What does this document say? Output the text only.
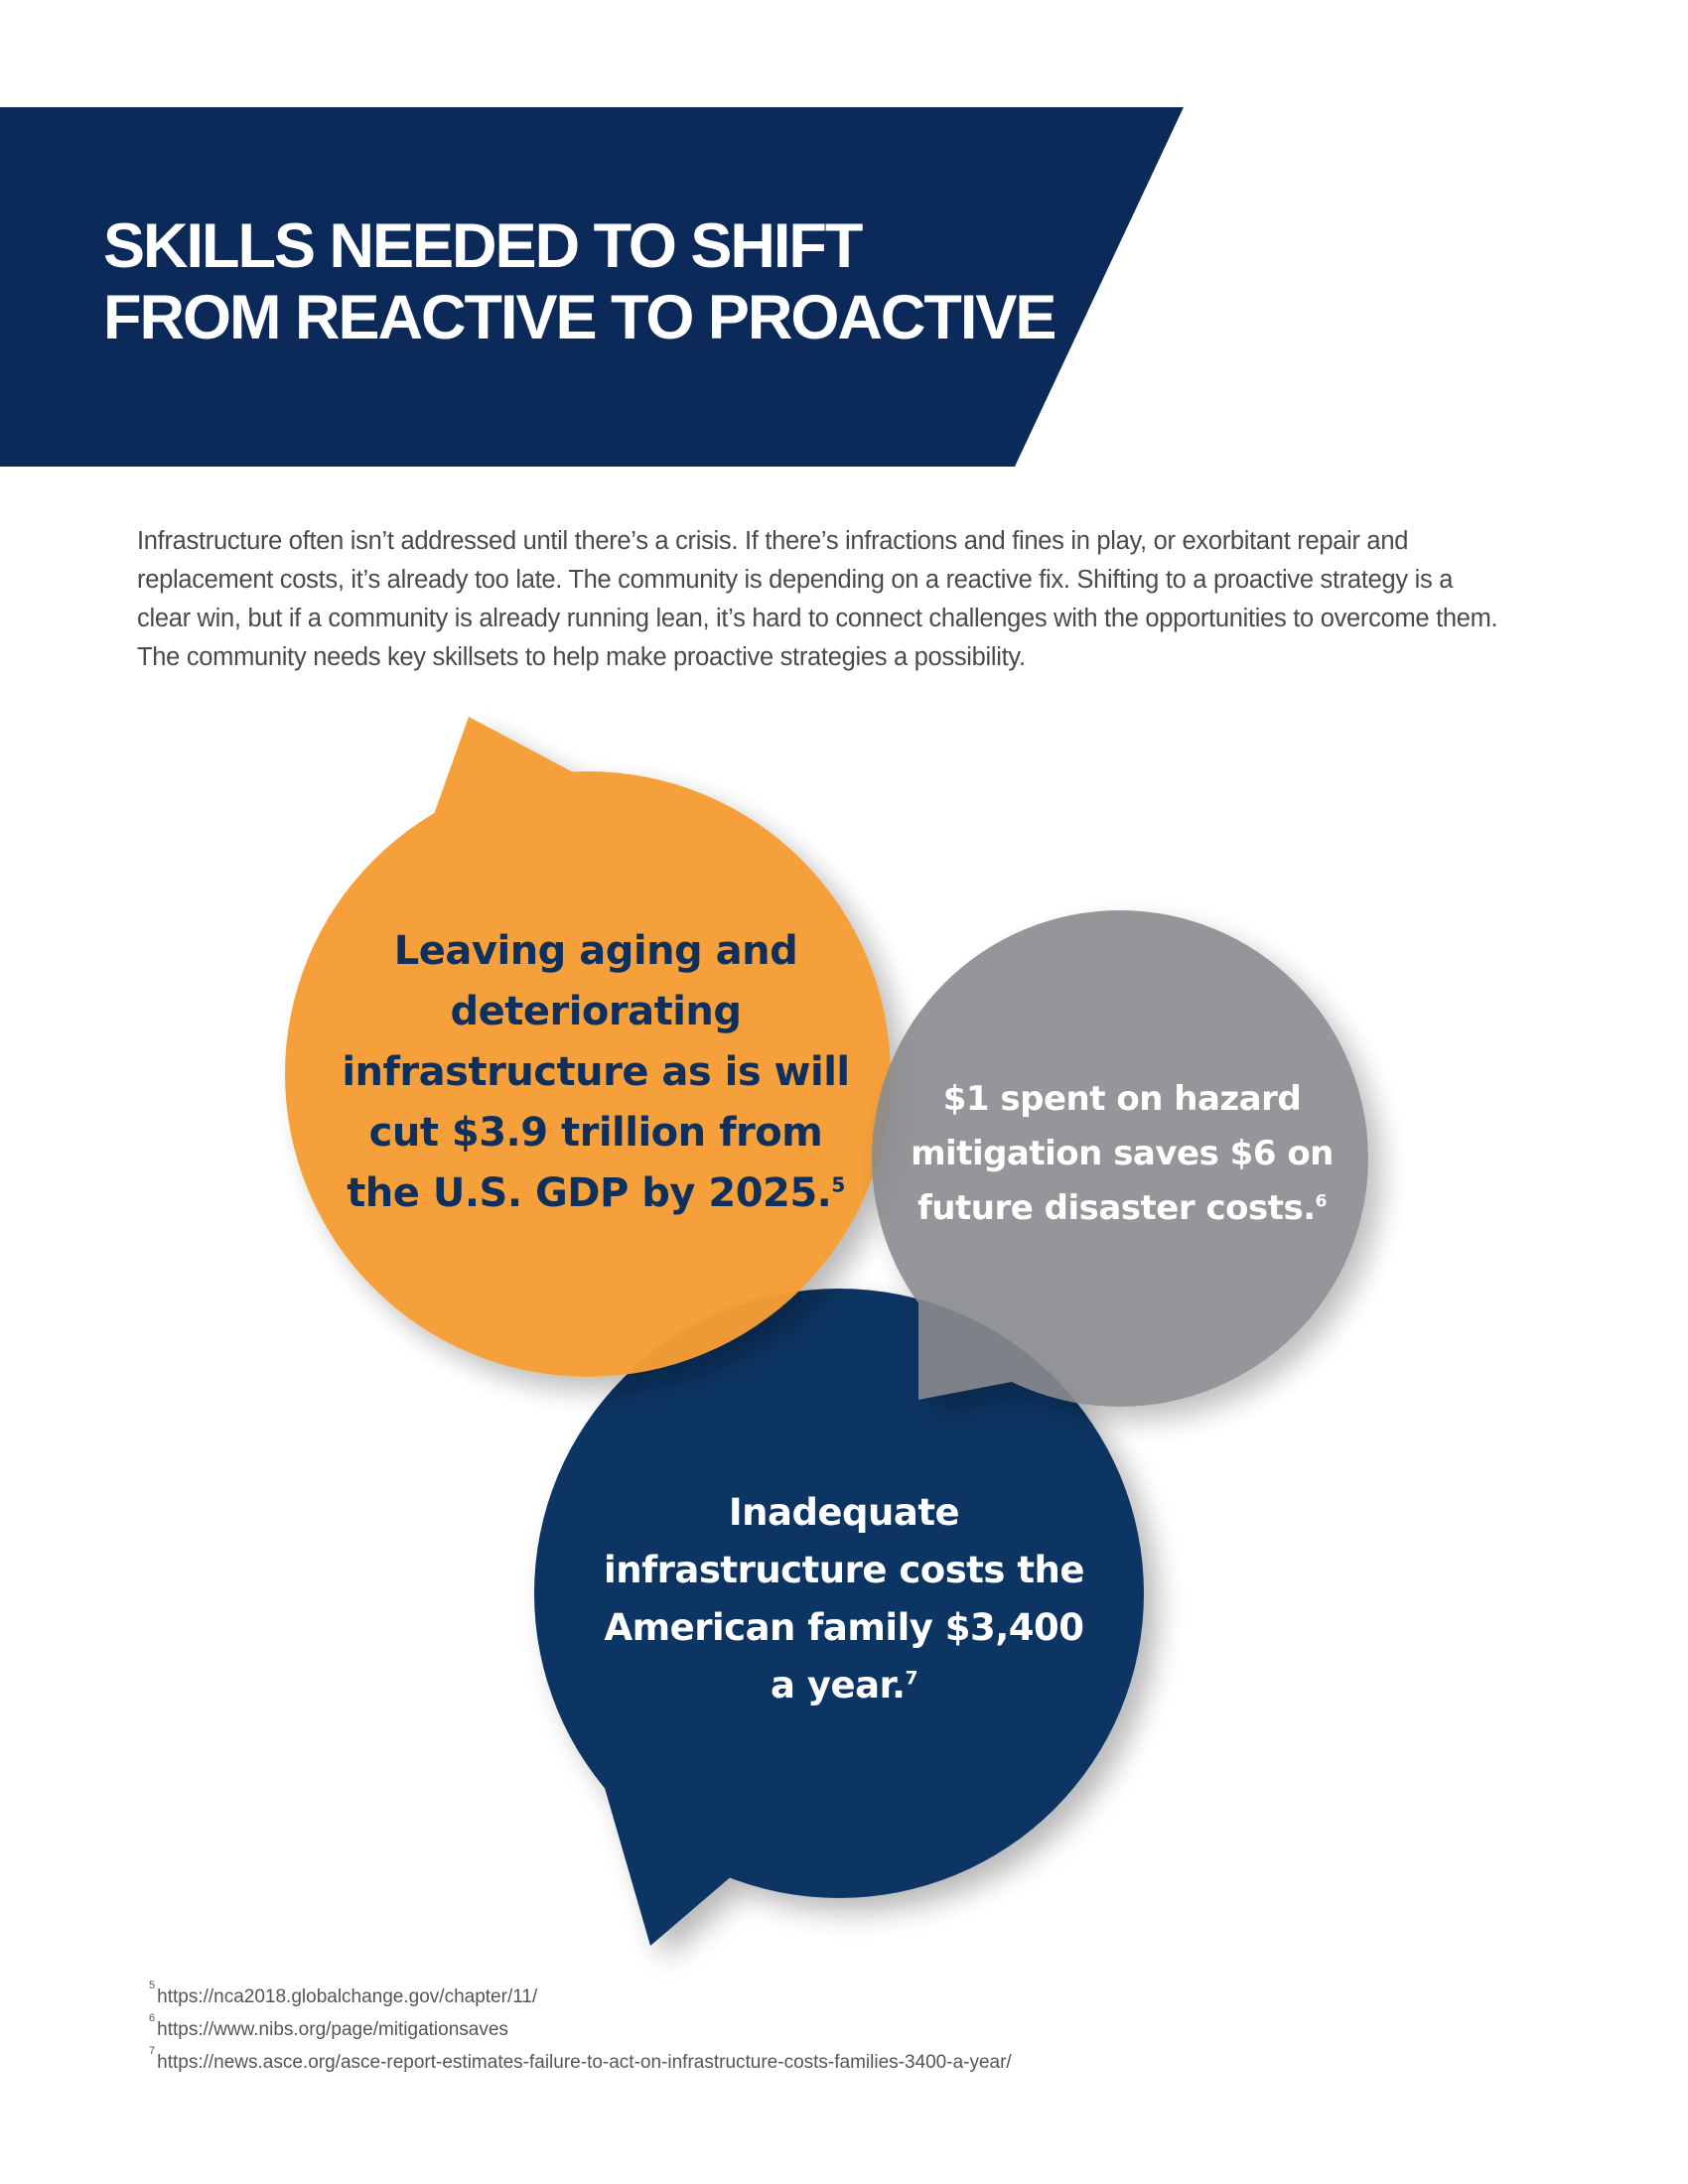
SKILLS NEEDED TO SHIFT
FROM REACTIVE TO PROACTIVE

Infrastructure often isn’t addressed until there’s a crisis. If there’s infractions and fines in play, or exorbitant repair and replacement costs, it’s already too late. The community is depending on a reactive fix. Shifting to a proactive strategy is a clear win, but if a community is already running lean, it’s hard to connect challenges with the opportunities to overcome them. The community needs key skillsets to help make proactive strategies a possibility.

Leaving aging and deteriorating infrastructure as is will cut $3.9 trillion from the U.S. GDP by 2025.$^5$

$1 spent on hazard mitigation saves $6 on future disaster costs.$^6$

Inadequate infrastructure costs the American family $3,400 a year.$^7$

$^5$https://nca2018.globalchange.gov/chapter/11/
$^6$https://www.nibs.org/page/mitigationsaves
$^7$https://news.asce.org/asce-report-estimates-failure-to-act-on-infrastructure-costs-families-3400-a-year/
